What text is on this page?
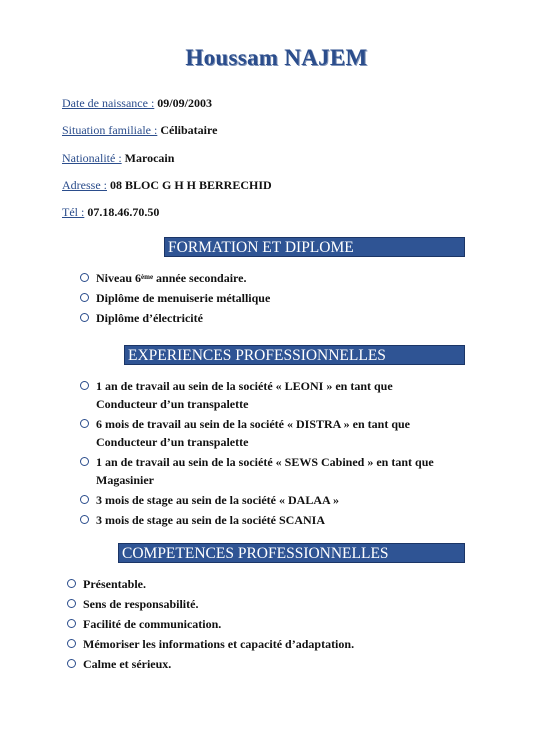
Houssam NAJEM
Date de naissance : 09/09/2003
Situation familiale : Célibataire
Nationalité : Marocain
Adresse : 08 BLOC G H H BERRECHID
Tél : 07.18.46.70.50
FORMATION ET DIPLOME
Niveau 6ème année secondaire.
Diplôme de menuiserie métallique
Diplôme d’électricité
EXPERIENCES PROFESSIONNELLES
1 an de travail au sein de la société « LEONI » en tant que
Conducteur d’un transpalette
6 mois de travail au sein de la société « DISTRA » en tant que
Conducteur d’un transpalette
1 an de travail au sein de la société « SEWS Cabined » en tant que
Magasinier
3 mois de stage au sein de la société « DALAA »
3 mois de stage au sein de la société SCANIA
COMPETENCES PROFESSIONNELLES
Présentable.
Sens de responsabilité.
Facilité de communication.
Mémoriser les informations et capacité d’adaptation.
Calme et sérieux.
